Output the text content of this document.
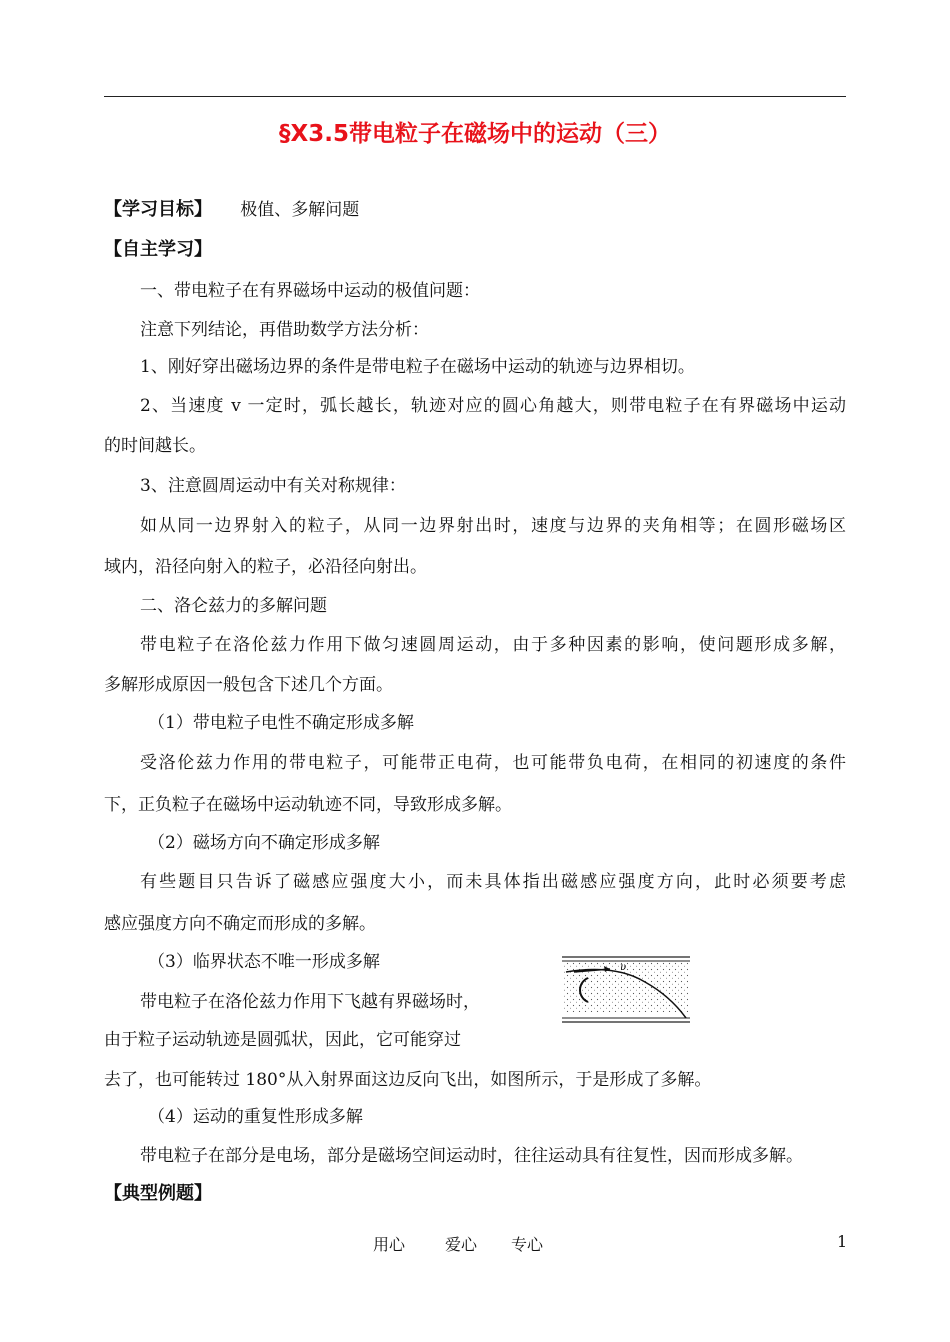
§X3.5带电粒子在磁场中的运动（三）
【学习目标】 极值、多解问题
【自主学习】
一、带电粒子在有界磁场中运动的极值问题：
注意下列结论，再借助数学方法分析：
1、刚好穿出磁场边界的条件是带电粒子在磁场中运动的轨迹与边界相切。
2、当速度 v 一定时，弧长越长，轨迹对应的圆心角越大，则带电粒子在有界磁场中运动
的时间越长。
3、注意圆周运动中有关对称规律：
如从同一边界射入的粒子，从同一边界射出时，速度与边界的夹角相等；在圆形磁场区
域内，沿径向射入的粒子，必沿径向射出。
二、洛仑兹力的多解问题
带电粒子在洛伦兹力作用下做匀速圆周运动，由于多种因素的影响，使问题形成多解，
多解形成原因一般包含下述几个方面。
（1）带电粒子电性不确定形成多解
受洛伦兹力作用的带电粒子，可能带正电荷，也可能带负电荷，在相同的初速度的条件
下，正负粒子在磁场中运动轨迹不同，导致形成多解。
（2）磁场方向不确定形成多解
有些题目只告诉了磁感应强度大小，而未具体指出磁感应强度方向，此时必须要考虑
感应强度方向不确定而形成的多解。
（3）临界状态不唯一形成多解
带电粒子在洛伦兹力作用下飞越有界磁场时，
由于粒子运动轨迹是圆弧状，因此，它可能穿过
去了，也可能转过 180°从入射界面这边反向飞出，如图所示，于是形成了多解。
（4）运动的重复性形成多解
带电粒子在部分是电场，部分是磁场空间运动时，往往运动具有往复性，因而形成多解。
【典型例题】
υ
用心 爱心 专心	1
